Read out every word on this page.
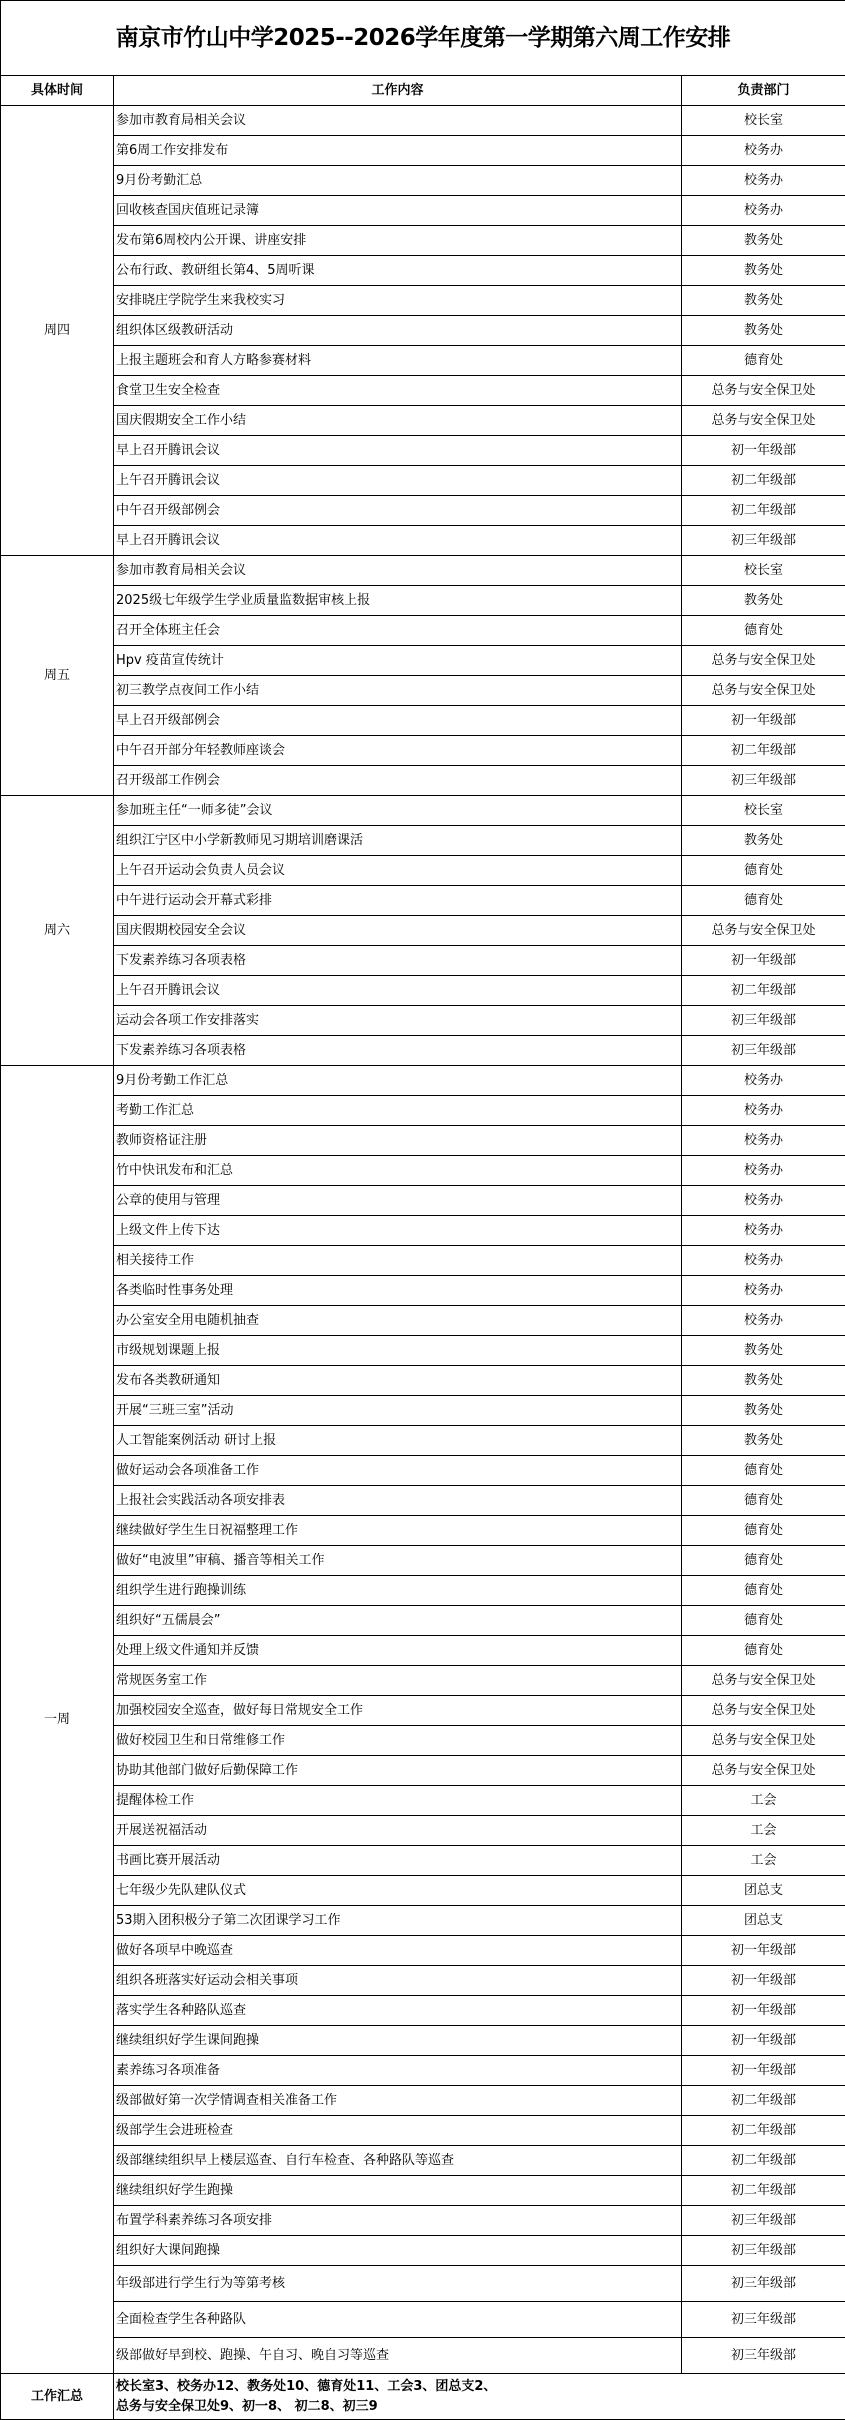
南京市竹山中学2025--2026学年度第一学期第六周工作安排		
具体时间	工作内容	负责部门
周四	参加市教育局相关会议	校长室
	第6周工作安排发布	校务办
	9月份考勤汇总	校务办
	回收核查国庆值班记录簿	校务办
	发布第6周校内公开课、讲座安排	教务处
	公布行政、教研组长第4、5周听课	教务处
	安排晓庄学院学生来我校实习	教务处
	组织体区级教研活动	教务处
	上报主题班会和育人方略参赛材料	德育处
	食堂卫生安全检查	总务与安全保卫处
	国庆假期安全工作小结	总务与安全保卫处
	早上召开腾讯会议	初一年级部
	上午召开腾讯会议	初二年级部
	中午召开级部例会	初二年级部
	早上召开腾讯会议	初三年级部
周五	参加市教育局相关会议	校长室
	2025级七年级学生学业质量监数据审核上报	教务处
	召开全体班主任会	德育处
	Hpv 疫苗宣传统计	总务与安全保卫处
	初三教学点夜间工作小结	总务与安全保卫处
	早上召开级部例会	初一年级部
	中午召开部分年轻教师座谈会	初二年级部
	召开级部工作例会	初三年级部
周六	参加班主任“一师多徒”会议	校长室
	组织江宁区中小学新教师见习期培训磨课活	教务处
	上午召开运动会负责人员会议	德育处
	中午进行运动会开幕式彩排	德育处
	国庆假期校园安全会议	总务与安全保卫处
	下发素养练习各项表格	初一年级部
	上午召开腾讯会议	初二年级部
	运动会各项工作安排落实	初三年级部
	下发素养练习各项表格	初三年级部
一周	9月份考勤工作汇总	校务办
	考勤工作汇总	校务办
	教师资格证注册	校务办
	竹中快讯发布和汇总	校务办
	公章的使用与管理	校务办
	上级文件上传下达	校务办
	相关接待工作	校务办
	各类临时性事务处理	校务办
	办公室安全用电随机抽查	校务办
	市级规划课题上报	教务处
	发布各类教研通知	教务处
	开展“三班三室”活动	教务处
	人工智能案例活动 研讨上报	教务处
	做好运动会各项准备工作	德育处
	上报社会实践活动各项安排表	德育处
	继续做好学生生日祝福整理工作	德育处
	做好“电波里”审稿、播音等相关工作	德育处
	组织学生进行跑操训练	德育处
	组织好“五儒晨会”	德育处
	处理上级文件通知并反馈	德育处
	常规医务室工作	总务与安全保卫处
	加强校园安全巡查，做好每日常规安全工作	总务与安全保卫处
	做好校园卫生和日常维修工作	总务与安全保卫处
	协助其他部门做好后勤保障工作	总务与安全保卫处
	提醒体检工作	工会
	开展送祝福活动	工会
	书画比赛开展活动	工会
	七年级少先队建队仪式	团总支
	53期入团积极分子第二次团课学习工作	团总支
	做好各项早中晚巡查	初一年级部
	组织各班落实好运动会相关事项	初一年级部
	落实学生各种路队巡查	初一年级部
	继续组织好学生课间跑操	初一年级部
	素养练习各项准备	初一年级部
	级部做好第一次学情调查相关准备工作	初二年级部
	级部学生会进班检查	初二年级部
	级部继续组织早上楼层巡查、自行车检查、各种路队等巡查	初二年级部
	继续组织好学生跑操	初二年级部
	布置学科素养练习各项安排	初三年级部
	组织好大课间跑操	初三年级部
	年级部进行学生行为等第考核	初三年级部
	全面检查学生各种路队	初三年级部
	级部做好早到校、跑操、午自习、晚自习等巡查	初三年级部
工作汇总	校长室3、校务办12、教务处10、德育处11、工会3、团总支2、
总务与安全保卫处9、初一8、 初二8、初三9	
